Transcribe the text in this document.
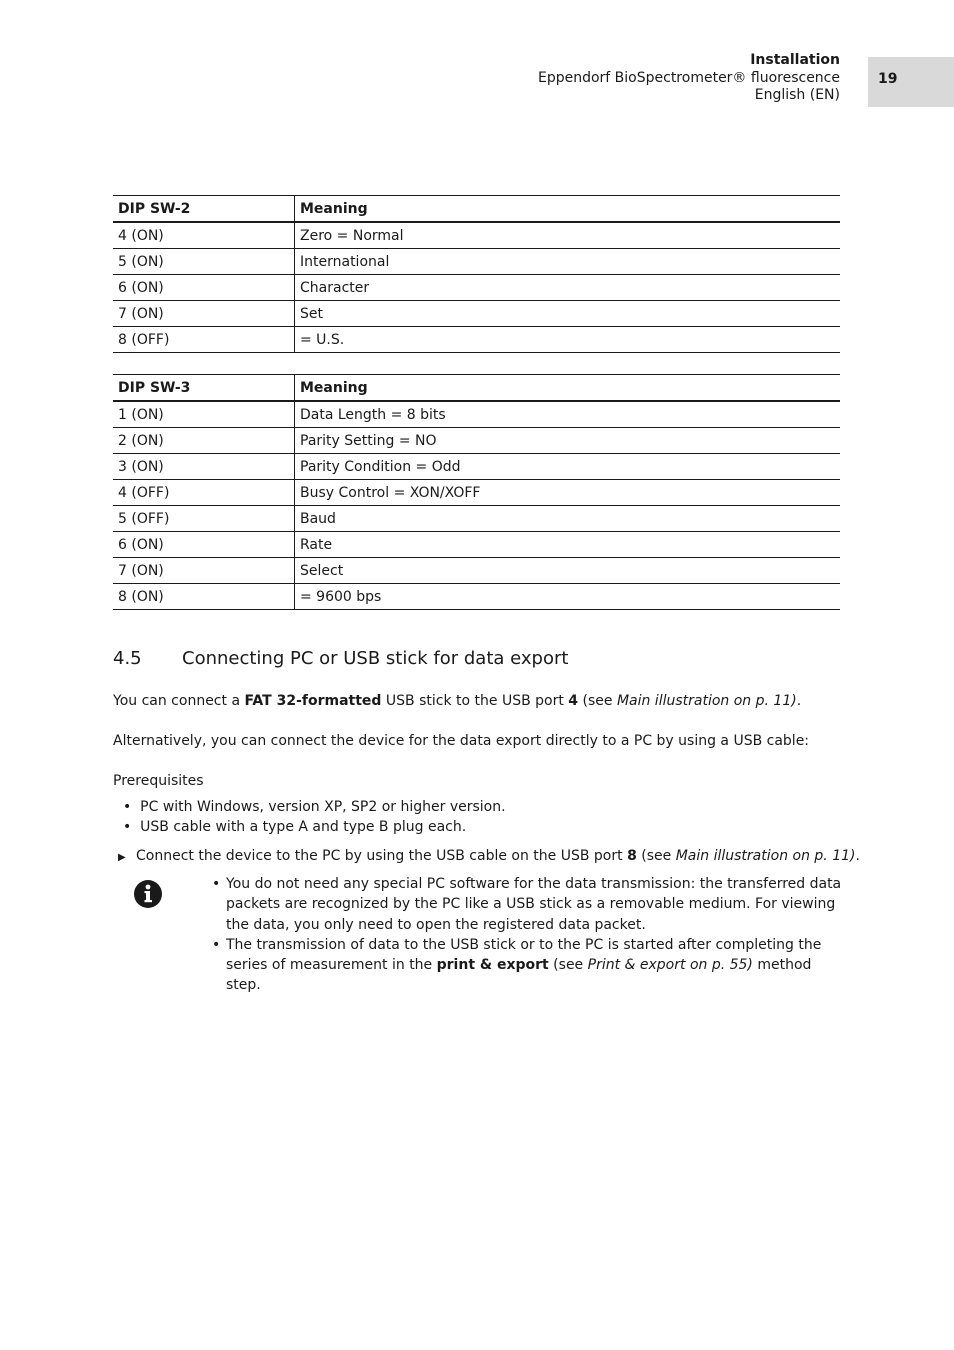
Installation
Eppendorf BioSpectrometer® fluorescence
English (EN)
19
DIP SW-2	Meaning
4 (ON)	Zero = Normal
5 (ON)	International
6 (ON)	Character
7 (ON)	Set
8 (OFF)	= U.S.
DIP SW-3	Meaning
1 (ON)	Data Length = 8 bits
2 (ON)	Parity Setting = NO
3 (ON)	Parity Condition = Odd
4 (OFF)	Busy Control = XON/XOFF
5 (OFF)	Baud
6 (ON)	Rate
7 (ON)	Select
8 (ON)	= 9600 bps
4.5 Connecting PC or USB stick for data export
You can connect a FAT 32-formatted USB stick to the USB port 4 (see Main illustration on p. 11).
Alternatively, you can connect the device for the data export directly to a PC by using a USB cable:
Prerequisites
•  PC with Windows, version XP, SP2 or higher version.
•  USB cable with a type A and type B plug each.
▶ Connect the device to the PC by using the USB cable on the USB port 8 (see Main illustration on p. 11).
• You do not need any special PC software for the data transmission: the transferred data packets are recognized by the PC like a USB stick as a removable medium. For viewing the data, you only need to open the registered data packet.
• The transmission of data to the USB stick or to the PC is started after completing the series of measurement in the print & export (see Print & export on p. 55) method step.
